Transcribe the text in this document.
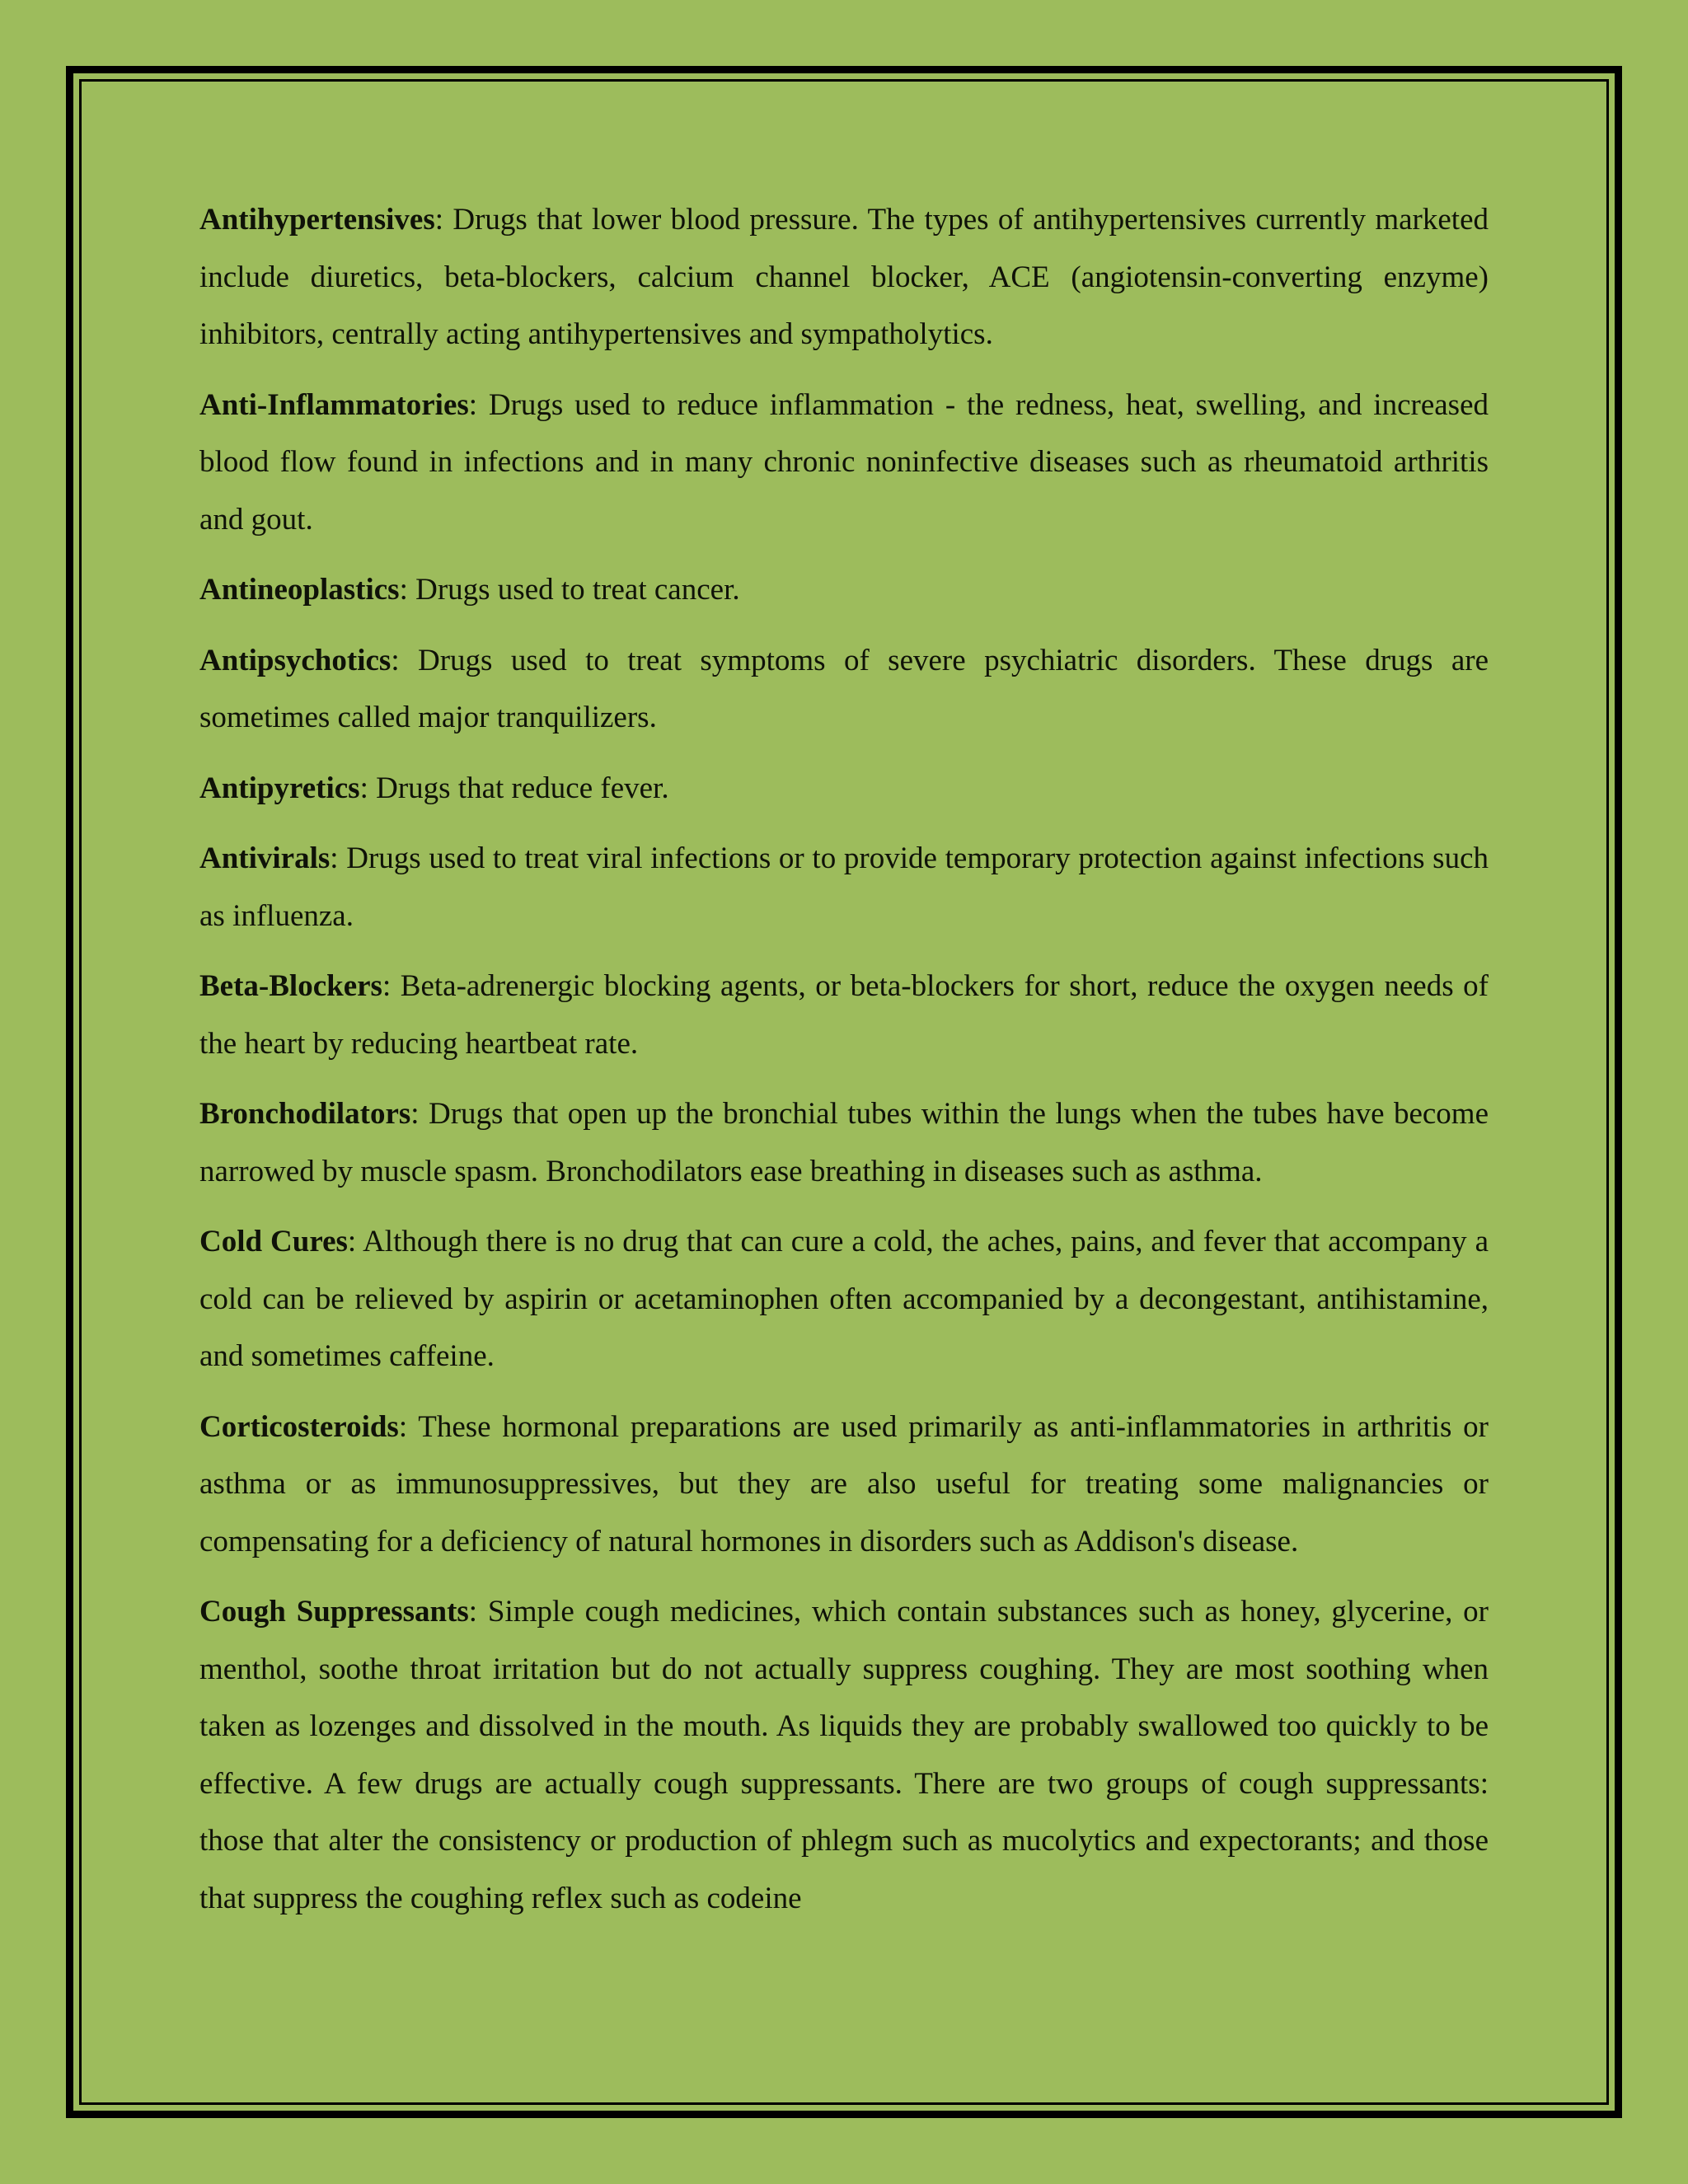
Antihypertensives: Drugs that lower blood pressure. The types of antihypertensives currently marketed include diuretics, beta-blockers, calcium channel blocker, ACE (angiotensin-converting enzyme) inhibitors, centrally acting antihypertensives and sympatholytics.

Anti-Inflammatories: Drugs used to reduce inflammation - the redness, heat, swelling, and increased blood flow found in infections and in many chronic noninfective diseases such as rheumatoid arthritis and gout.

Antineoplastics: Drugs used to treat cancer.

Antipsychotics: Drugs used to treat symptoms of severe psychiatric disorders. These drugs are sometimes called major tranquilizers.

Antipyretics: Drugs that reduce fever.

Antivirals: Drugs used to treat viral infections or to provide temporary protection against infections such as influenza.

Beta-Blockers: Beta-adrenergic blocking agents, or beta-blockers for short, reduce the oxygen needs of the heart by reducing heartbeat rate.

Bronchodilators: Drugs that open up the bronchial tubes within the lungs when the tubes have become narrowed by muscle spasm. Bronchodilators ease breathing in diseases such as asthma.

Cold Cures: Although there is no drug that can cure a cold, the aches, pains, and fever that accompany a cold can be relieved by aspirin or acetaminophen often accompanied by a decongestant, antihistamine, and sometimes caffeine.

Corticosteroids: These hormonal preparations are used primarily as anti-inflammatories in arthritis or asthma or as immunosuppressives, but they are also useful for treating some malignancies or compensating for a deficiency of natural hormones in disorders such as Addison's disease.

Cough Suppressants: Simple cough medicines, which contain substances such as honey, glycerine, or menthol, soothe throat irritation but do not actually suppress coughing. They are most soothing when taken as lozenges and dissolved in the mouth. As liquids they are probably swallowed too quickly to be effective. A few drugs are actually cough suppressants. There are two groups of cough suppressants: those that alter the consistency or production of phlegm such as mucolytics and expectorants; and those that suppress the coughing reflex such as codeine
